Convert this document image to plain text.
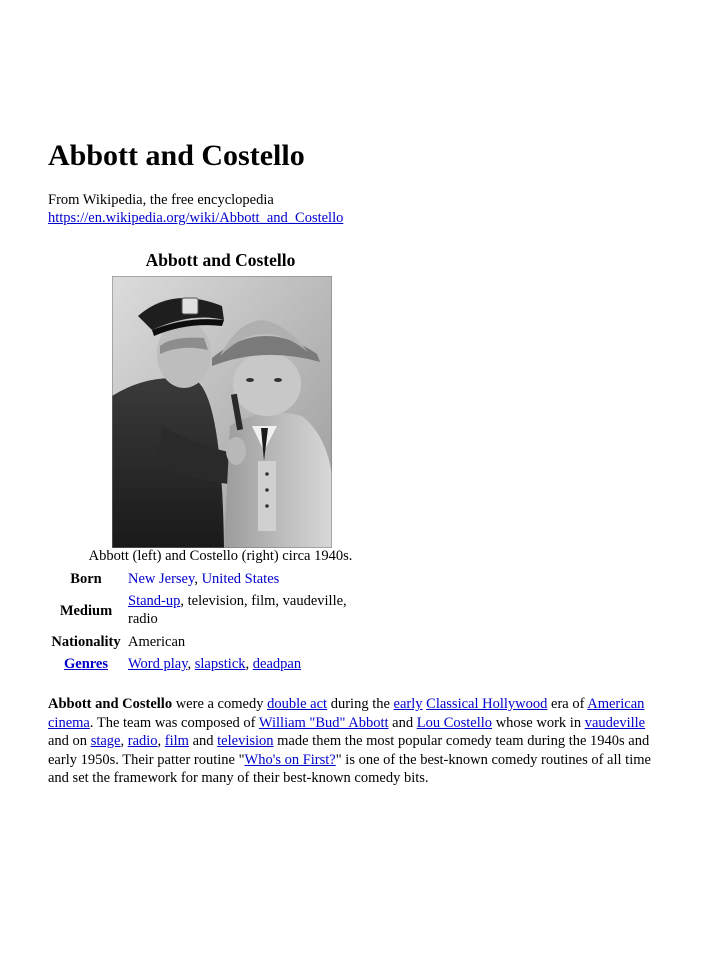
Abbott and Costello
From Wikipedia, the free encyclopedia
https://en.wikipedia.org/wiki/Abbott_and_Costello
Abbott and Costello
Abbott (left) and Costello (right) circa 1940s.
Born	New Jersey, United States
Medium
Stand-up, television, film, vaudeville,
radio
Nationality American
Genres	Word play, slapstick, deadpan

Abbott and Costello were a comedy double act during the early Classical Hollywood era of American cinema. The team was composed of William "Bud" Abbott and Lou Costello whose work in vaudeville and on stage, radio, film and television made them the most popular comedy team during the 1940s and early 1950s. Their patter routine "Who's on First?" is one of the best-known comedy routines of all time and set the framework for many of their best-known comedy bits.
